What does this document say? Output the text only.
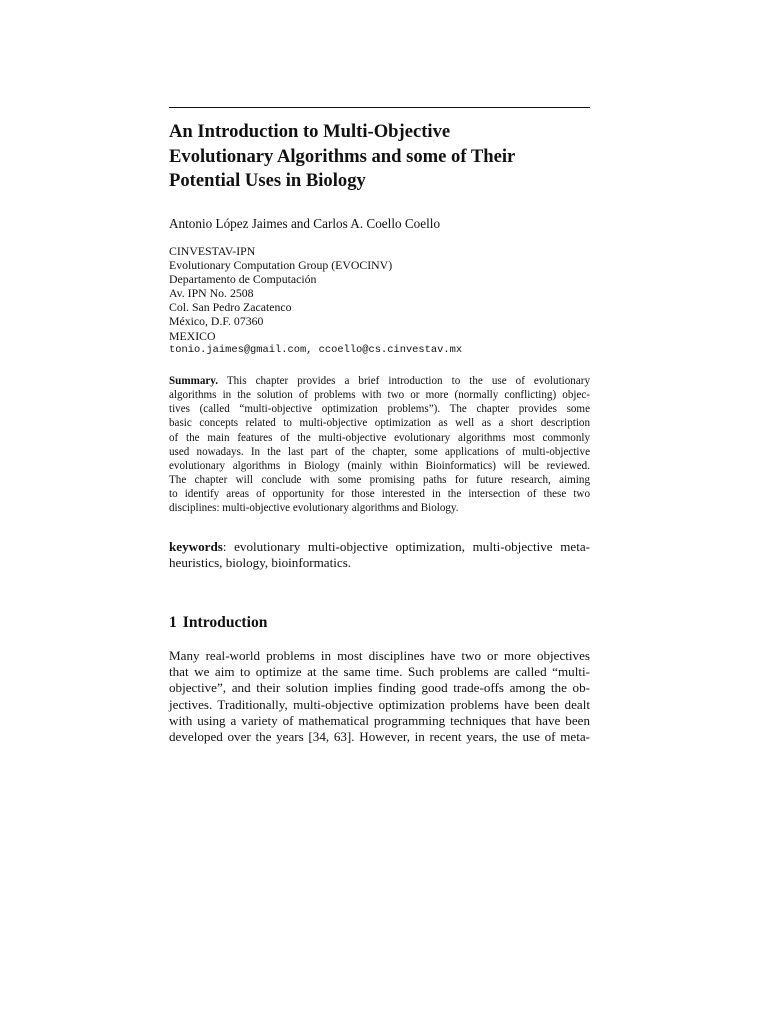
An Introduction to Multi-Objective
Evolutionary Algorithms and some of Their
Potential Uses in Biology

Antonio López Jaimes and Carlos A. Coello Coello

CINVESTAV-IPN
Evolutionary Computation Group (EVOCINV)
Departamento de Computación
Av. IPN No. 2508
Col. San Pedro Zacatenco
México, D.F. 07360
MEXICO
tonio.jaimes@gmail.com, ccoello@cs.cinvestav.mx

Summary. This chapter provides a brief introduction to the use of evolutionary
algorithms in the solution of problems with two or more (normally conflicting) objec-
tives (called “multi-objective optimization problems”). The chapter provides some
basic concepts related to multi-objective optimization as well as a short description
of the main features of the multi-objective evolutionary algorithms most commonly
used nowadays. In the last part of the chapter, some applications of multi-objective
evolutionary algorithms in Biology (mainly within Bioinformatics) will be reviewed.
The chapter will conclude with some promising paths for future research, aiming
to identify areas of opportunity for those interested in the intersection of these two
disciplines: multi-objective evolutionary algorithms and Biology.
keywords: evolutionary multi-objective optimization, multi-objective meta-
heuristics, biology, bioinformatics.
1 Introduction
Many real-world problems in most disciplines have two or more objectives
that we aim to optimize at the same time. Such problems are called “multi-
objective”, and their solution implies finding good trade-offs among the ob-
jectives. Traditionally, multi-objective optimization problems have been dealt
with using a variety of mathematical programming techniques that have been
developed over the years [34, 63]. However, in recent years, the use of meta-
